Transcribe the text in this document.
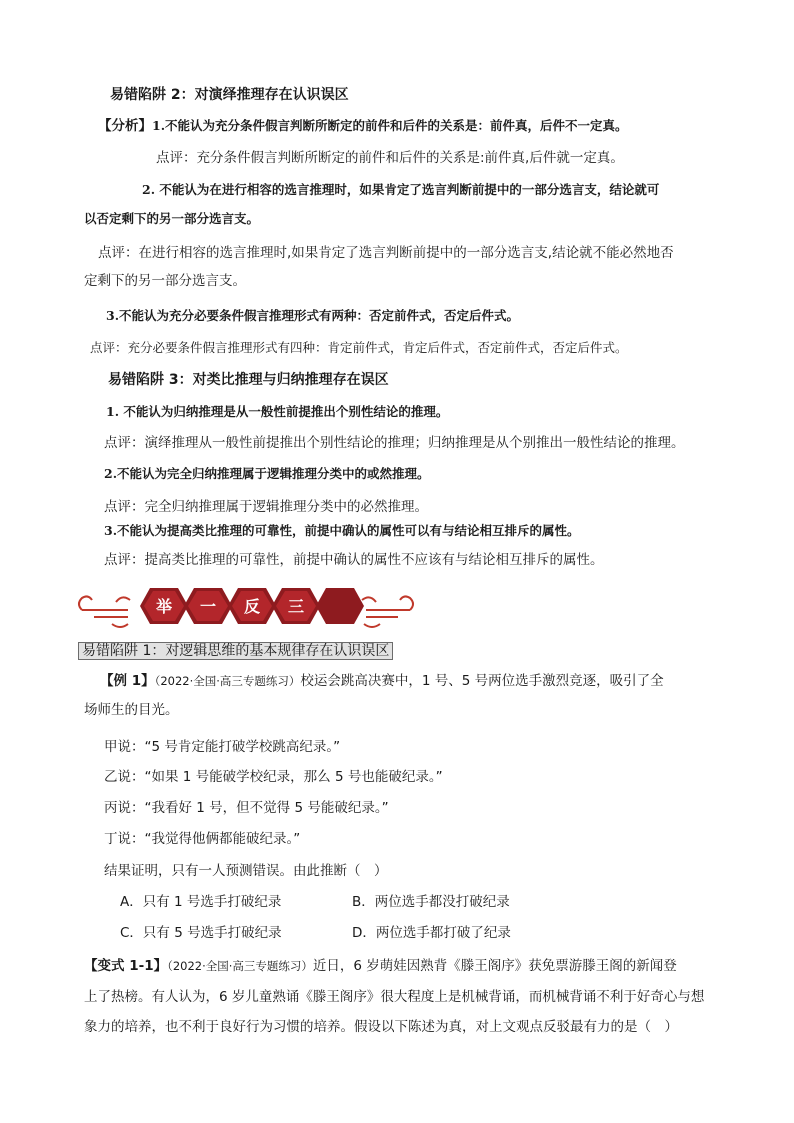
易错陷阱 2：对演绎推理存在认识误区
【分析】1.不能认为充分条件假言判断所断定的前件和后件的关系是：前件真，后件不一定真。
点评：充分条件假言判断所断定的前件和后件的关系是:前件真,后件就一定真。
2. 不能认为在进行相容的选言推理时，如果肯定了选言判断前提中的一部分选言支，结论就可
以否定剩下的另一部分选言支。
点评：在进行相容的选言推理时,如果肯定了选言判断前提中的一部分选言支,结论就不能必然地否
定剩下的另一部分选言支。
3.不能认为充分必要条件假言推理形式有两种：否定前件式，否定后件式。
点评：充分必要条件假言推理形式有四种：肯定前件式，肯定后件式，否定前件式，否定后件式。
易错陷阱 3：对类比推理与归纳推理存在误区
1. 不能认为归纳推理是从一般性前提推出个别性结论的推理。
点评：演绎推理从一般性前提推出个别性结论的推理；归纳推理是从个别推出一般性结论的推理。
2.不能认为完全归纳推理属于逻辑推理分类中的或然推理。
点评：完全归纳推理属于逻辑推理分类中的必然推理。
3.不能认为提高类比推理的可靠性，前提中确认的属性可以有与结论相互排斥的属性。
点评：提高类比推理的可靠性，前提中确认的属性不应该有与结论相互排斥的属性。
举 一 反 三
易错陷阱 1：对逻辑思维的基本规律存在认识误区
【例 1】（2022·全国·高三专题练习）校运会跳高决赛中，1 号、5 号两位选手激烈竞逐，吸引了全
场师生的目光。
甲说：“5 号肯定能打破学校跳高纪录。”
乙说：“如果 1 号能破学校纪录，那么 5 号也能破纪录。”
丙说：“我看好 1 号，但不觉得 5 号能破纪录。”
丁说：“我觉得他俩都能破纪录。”
结果证明，只有一人预测错误。由此推断（　）
A．只有 1 号选手打破纪录	B．两位选手都没打破纪录
C．只有 5 号选手打破纪录	D．两位选手都打破了纪录
【变式 1-1】（2022·全国·高三专题练习）近日，6 岁萌娃因熟背《滕王阁序》获免票游滕王阁的新闻登
上了热榜。有人认为，6 岁儿童熟诵《滕王阁序》很大程度上是机械背诵，而机械背诵不利于好奇心与想
象力的培养，也不利于良好行为习惯的培养。假设以下陈述为真，对上文观点反驳最有力的是（　）
